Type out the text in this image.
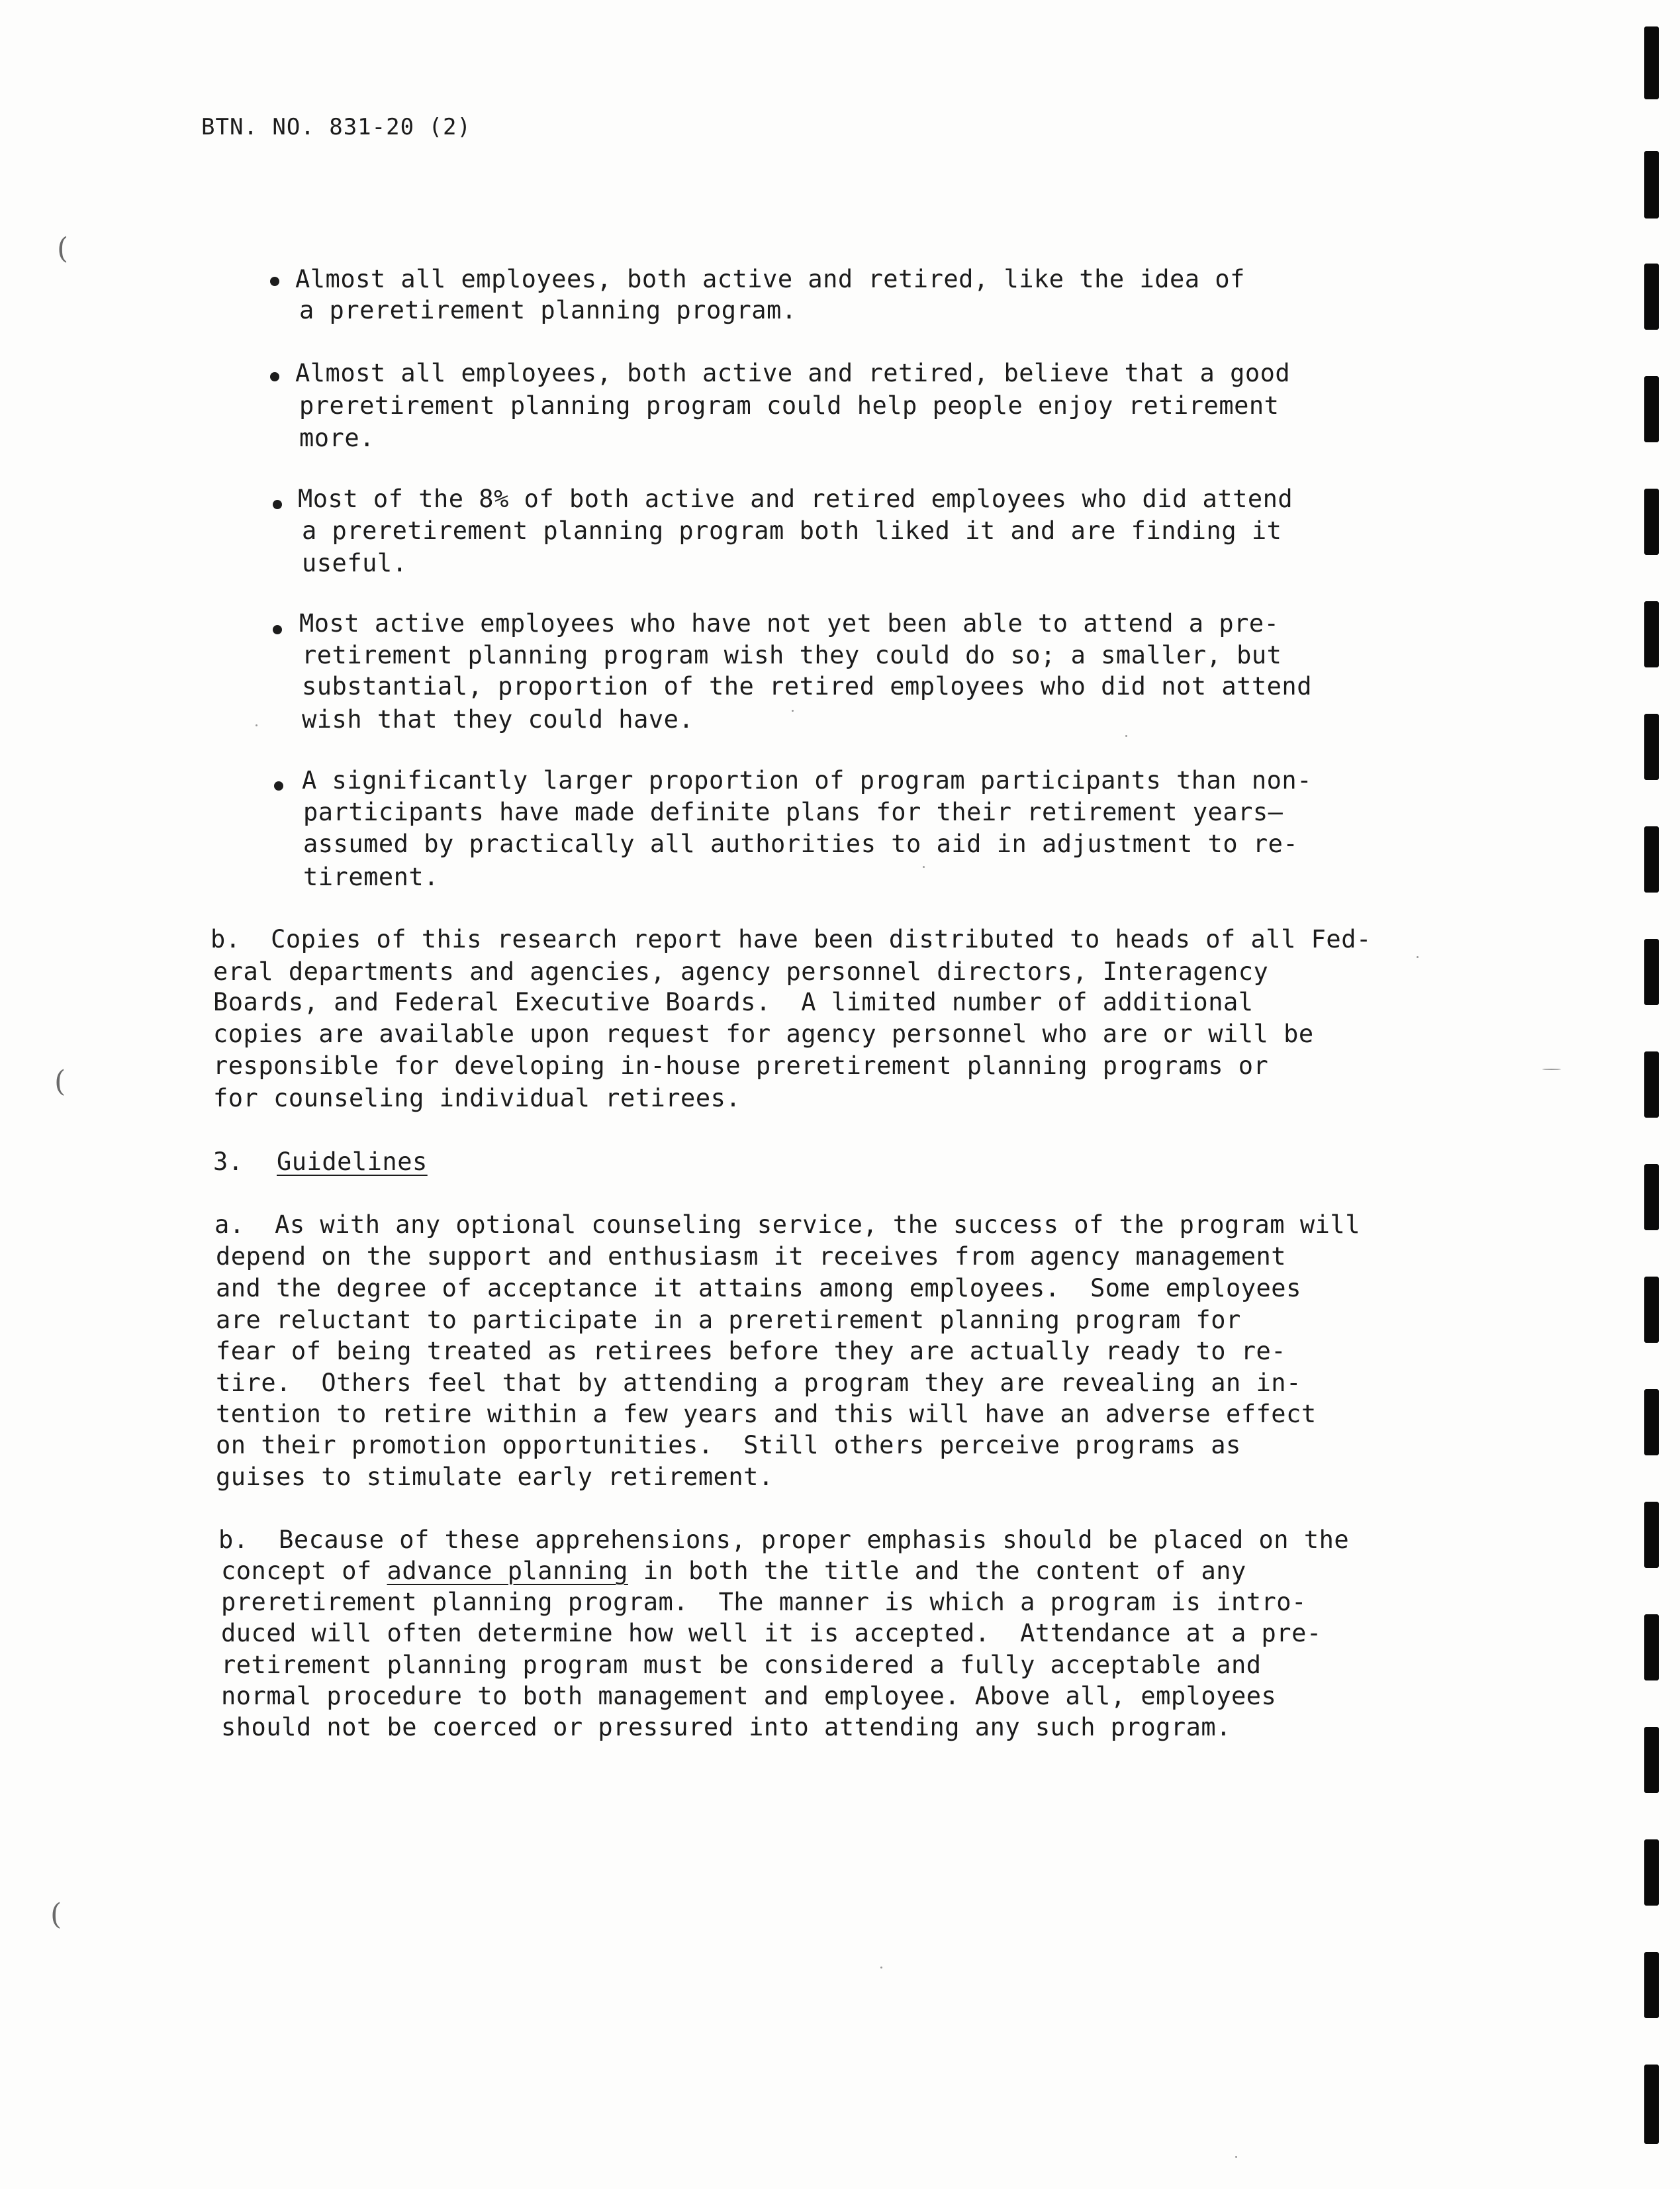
BTN. NO. 831-20 (2)
Almost all employees, both active and retired, like the idea of
a preretirement planning program.
Almost all employees, both active and retired, believe that a good
preretirement planning program could help people enjoy retirement
more.
Most of the 8% of both active and retired employees who did attend
a preretirement planning program both liked it and are finding it
useful.
Most active employees who have not yet been able to attend a pre-
retirement planning program wish they could do so; a smaller, but
substantial, proportion of the retired employees who did not attend
wish that they could have.
A significantly larger proportion of program participants than non-
participants have made definite plans for their retirement years—
assumed by practically all authorities to aid in adjustment to re-
tirement.
b.  Copies of this research report have been distributed to heads of all Fed-
eral departments and agencies, agency personnel directors, Interagency
Boards, and Federal Executive Boards.  A limited number of additional
copies are available upon request for agency personnel who are or will be
responsible for developing in-house preretirement planning programs or
for counseling individual retirees.
3. Guidelines
a.  As with any optional counseling service, the success of the program will
depend on the support and enthusiasm it receives from agency management
and the degree of acceptance it attains among employees.  Some employees
are reluctant to participate in a preretirement planning program for
fear of being treated as retirees before they are actually ready to re-
tire.  Others feel that by attending a program they are revealing an in-
tention to retire within a few years and this will have an adverse effect
on their promotion opportunities.  Still others perceive programs as
guises to stimulate early retirement.
b.  Because of these apprehensions, proper emphasis should be placed on the
concept of advance planning in both the title and the content of any
preretirement planning program.  The manner is which a program is intro-
duced will often determine how well it is accepted.  Attendance at a pre-
retirement planning program must be considered a fully acceptable and
normal procedure to both management and employee. Above all, employees
should not be coerced or pressured into attending any such program.
(
(
(
